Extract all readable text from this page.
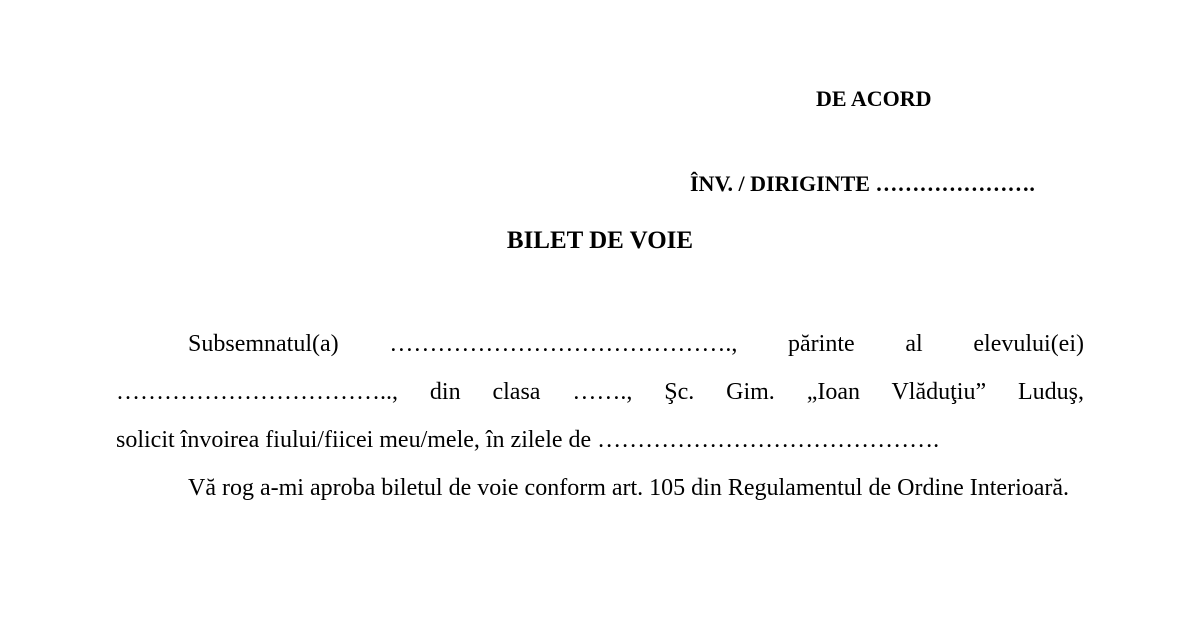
DE ACORD
ÎNV. / DIRIGINTE ………………….
BILET DE VOIE
Subsemnatul(a) ……………………………………., părinte al elevului(ei)
…………………………….., din clasa ……., Şc. Gim. „Ioan Vlăduţiu” Luduş,
solicit învoirea fiului/fiicei meu/mele, în zilele de …………………………………….

Vă rog a-mi aproba biletul de voie conform art. 105 din Regulamentul de Ordine Interioară.
